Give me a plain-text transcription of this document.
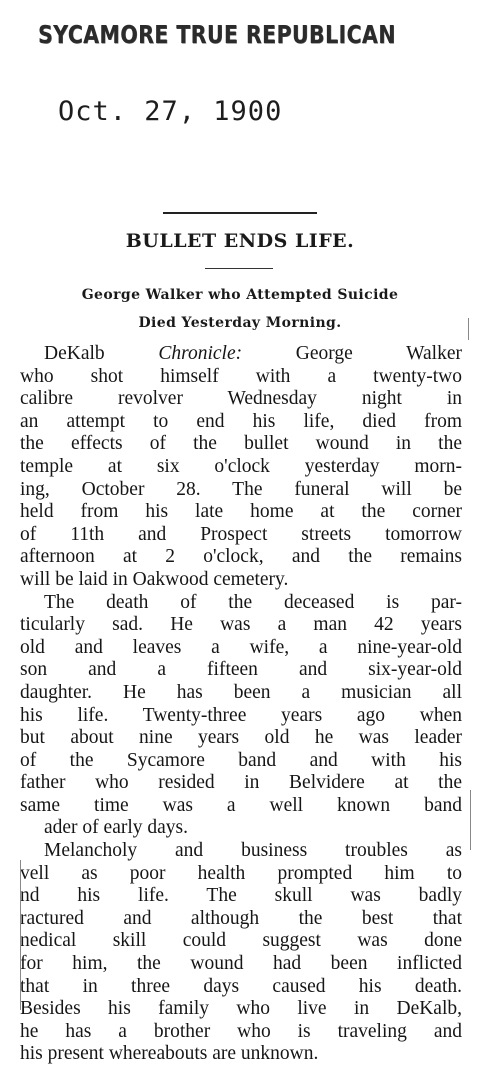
SYCAMORE TRUE REPUBLICAN
Oct. 27, 1900
BULLET ENDS LIFE.
George Walker who Attempted Suicide
Died Yesterday Morning.
DeKalb Chronicle: George Walker
who shot himself with a twenty-two
calibre revolver Wednesday night in
an attempt to end his life, died from
the effects of the bullet wound in the
temple at six o'clock yesterday morn-
ing, October 28. The funeral will be
held from his late home at the corner
of 11th and Prospect streets tomorrow
afternoon at 2 o'clock, and the remains
will be laid in Oakwood cemetery.
The death of the deceased is par-
ticularly sad. He was a man 42 years
old and leaves a wife, a nine-year-old
son and a fifteen and six-year-old
daughter. He has been a musician all
his life. Twenty-three years ago when
but about nine years old he was leader
of the Sycamore band and with his
father who resided in Belvidere at the
same time was a well known band
ader of early days.
Melancholy and business troubles as
vell as poor health prompted him to
nd his life. The skull was badly
ractured and although the best that
nedical skill could suggest was done
for him, the wound had been inflicted
that in three days caused his death.
Besides his family who live in DeKalb,
he has a brother who is traveling and
his present whereabouts are unknown.
